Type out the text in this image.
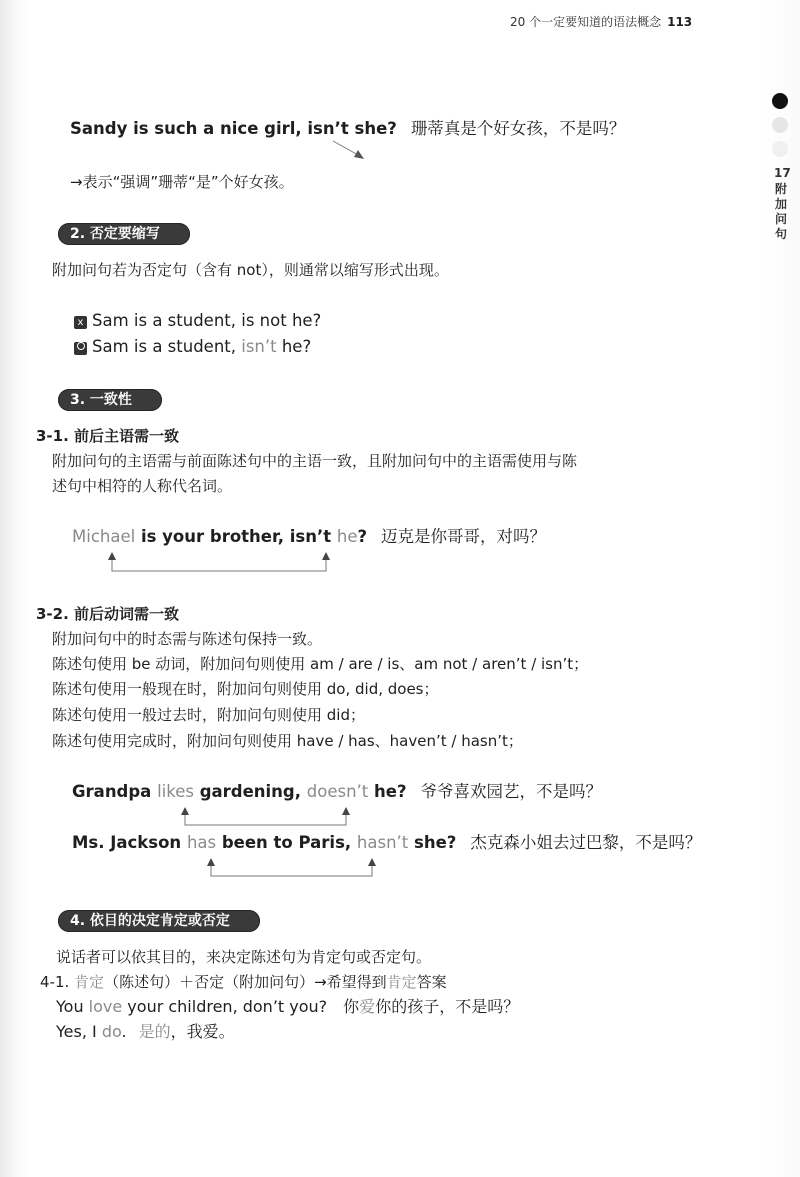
20 个一定要知道的语法概念 113
17
附加问句
Sandy is such a nice girl, isn’t she? 珊蒂真是个好女孩，不是吗？
→表示“强调”珊蒂“是”个好女孩。
2. 否定要缩写
附加问句若为否定句（含有 not），则通常以缩写形式出现。
x Sam is a student, is not he?
Sam is a student, isn’t he?
3. 一致性
3-1. 前后主语需一致
附加问句的主语需与前面陈述句中的主语一致，且附加问句中的主语需使用与陈
述句中相符的人称代名词。
Michael is your brother, isn’t he? 迈克是你哥哥，对吗？
3-2. 前后动词需一致
附加问句中的时态需与陈述句保持一致。
陈述句使用 be 动词，附加问句则使用 am / are / is、am not / aren’t / isn’t；
陈述句使用一般现在时，附加问句则使用 do, did, does；
陈述句使用一般过去时，附加问句则使用 did；
陈述句使用完成时，附加问句则使用 have / has、haven’t / hasn’t；
Grandpa likes gardening, doesn’t he? 爷爷喜欢园艺，不是吗？
Ms. Jackson has been to Paris, hasn’t she? 杰克森小姐去过巴黎，不是吗？
4. 依目的决定肯定或否定
说话者可以依其目的，来决定陈述句为肯定句或否定句。
4-1. 肯定（陈述句）＋否定（附加问句）→希望得到肯定答案
You love your children, don’t you? 你爱你的孩子，不是吗？
Yes, I do. 是的，我爱。
